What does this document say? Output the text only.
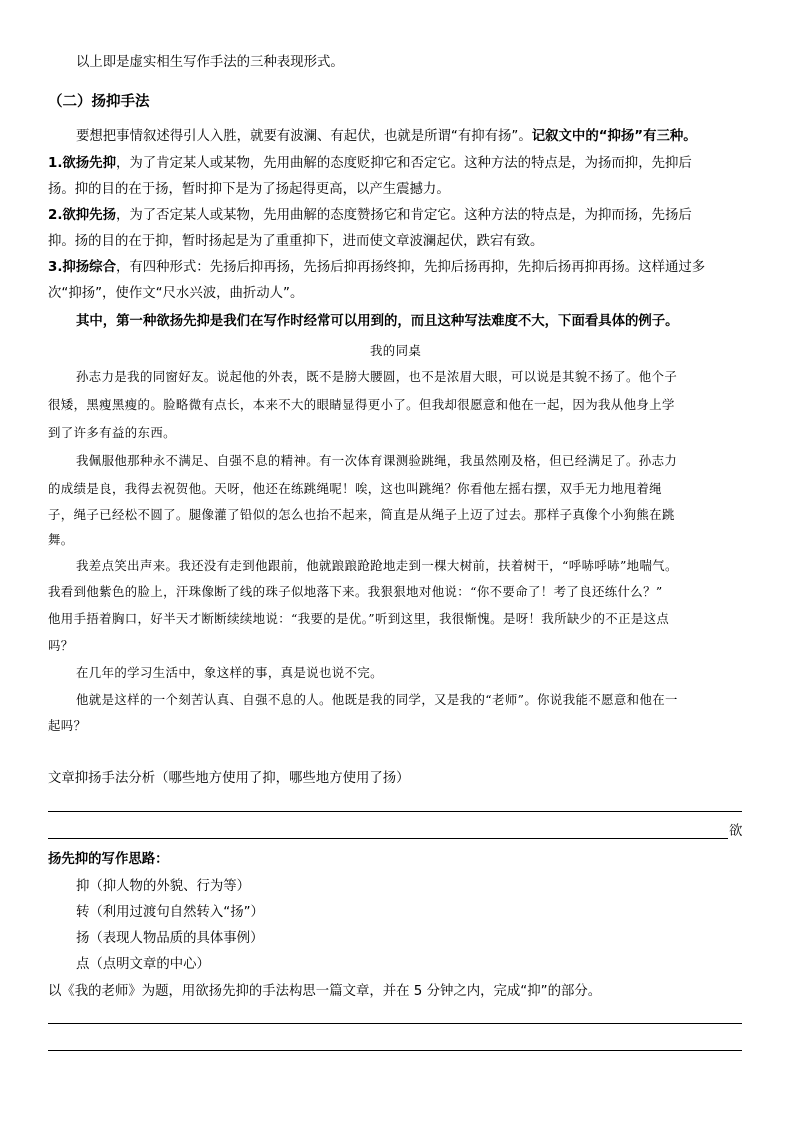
以上即是虚实相生写作手法的三种表现形式。
（二）扬抑手法
要想把事情叙述得引人入胜，就要有波澜、有起伏，也就是所谓“有抑有扬”。记叙文中的“抑扬”有三种。
1.欲扬先抑，为了肯定某人或某物，先用曲解的态度贬抑它和否定它。这种方法的特点是，为扬而抑，先抑后
扬。抑的目的在于扬，暂时抑下是为了扬起得更高，以产生震撼力。
2.欲抑先扬，为了否定某人或某物，先用曲解的态度赞扬它和肯定它。这种方法的特点是，为抑而扬，先扬后
抑。扬的目的在于抑，暂时扬起是为了重重抑下，进而使文章波澜起伏，跌宕有致。
3.抑扬综合，有四种形式：先扬后抑再扬，先扬后抑再扬终抑，先抑后扬再抑，先抑后扬再抑再扬。这样通过多
次“抑扬”，使作文“尺水兴波，曲折动人”。
其中，第一种欲扬先抑是我们在写作时经常可以用到的，而且这种写法难度不大，下面看具体的例子。
我的同桌
孙志力是我的同窗好友。说起他的外表，既不是膀大腰圆，也不是浓眉大眼，可以说是其貌不扬了。他个子
很矮，黑瘦黑瘦的。脸略微有点长，本来不大的眼睛显得更小了。但我却很愿意和他在一起，因为我从他身上学
到了许多有益的东西。
我佩服他那种永不满足、自强不息的精神。有一次体育课测验跳绳，我虽然刚及格，但已经满足了。孙志力
的成绩是良，我得去祝贺他。天呀，他还在练跳绳呢！唉，这也叫跳绳？你看他左摇右摆，双手无力地甩着绳
子，绳子已经松不圆了。腿像灌了铅似的怎么也抬不起来，简直是从绳子上迈了过去。那样子真像个小狗熊在跳
舞。
我差点笑出声来。我还没有走到他跟前，他就踉踉跄跄地走到一棵大树前，扶着树干，“呼哧呼哧”地喘气。
我看到他紫色的脸上，汗珠像断了线的珠子似地落下来。我狠狠地对他说：“你不要命了！考了良还练什么？”
他用手捂着胸口，好半天才断断续续地说：“我要的是优。”听到这里，我很惭愧。是呀！我所缺少的不正是这点
吗？
在几年的学习生活中，象这样的事，真是说也说不完。
他就是这样的一个刻苦认真、自强不息的人。他既是我的同学，又是我的“老师”。你说我能不愿意和他在一
起吗？
文章抑扬手法分析（哪些地方使用了抑，哪些地方使用了扬）
欲
扬先抑的写作思路：
抑（抑人物的外貌、行为等）
转（利用过渡句自然转入“扬”）
扬（表现人物品质的具体事例）
点（点明文章的中心）
以《我的老师》为题，用欲扬先抑的手法构思一篇文章，并在 5 分钟之内，完成“抑”的部分。
